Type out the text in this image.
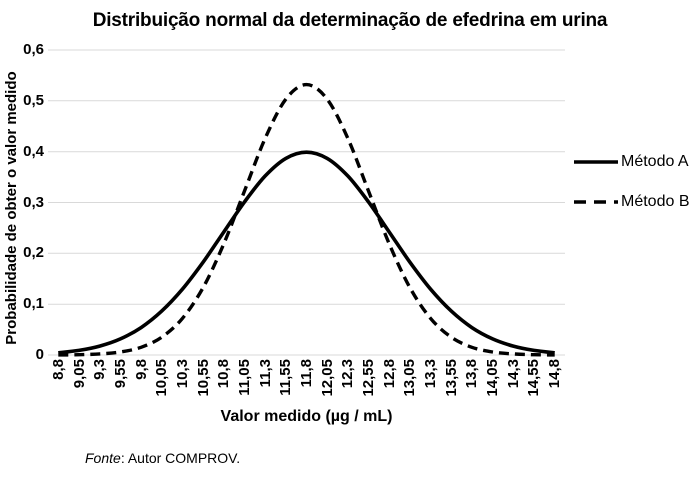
Distribuição normal da determinação de efedrina em urina
Probabilidade de obter o valor medido
0
0,1
0,2
0,3
0,4
0,5
0,6
8,8 9,05 9,3 9,55 9,8 10,05 10,3 10,55 10,8 11,05 11,3 11,55 11,8 12,05 12,3 12,55 12,8 13,05 13,3 13,55 13,8 14,05 14,3 14,55 14,8
Valor medido (µg / mL)
Método A
Método B
Fonte: Autor COMPROV.
